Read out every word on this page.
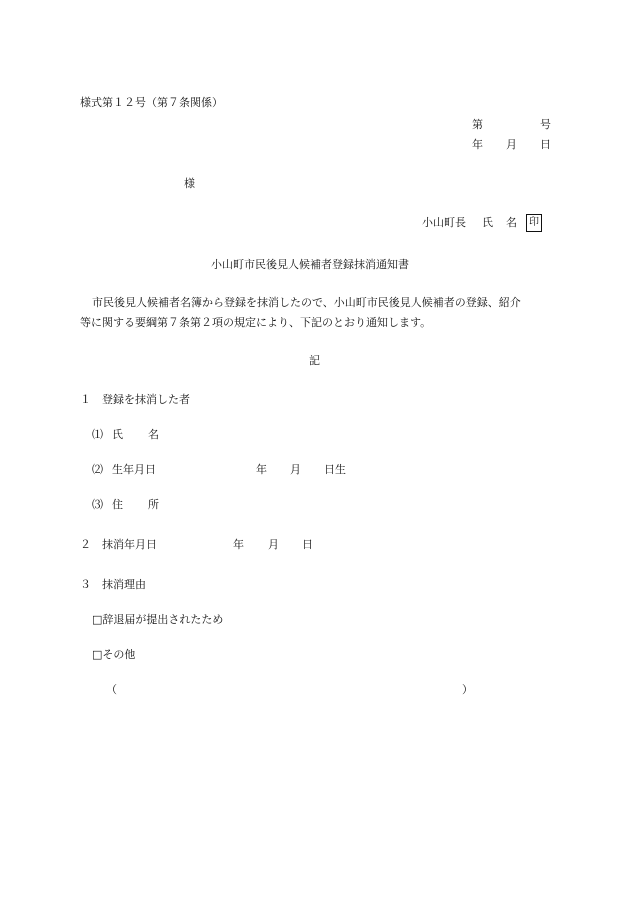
様式第１２号（第７条関係）
第	号
年 月 日
様
小山町長 氏 名	印
小山町市民後見人候補者登録抹消通知書
市民後見人候補者名簿から登録を抹消したので、小山町市民後見人候補者の登録、紹介
等に関する要綱第７条第２項の規定により、下記のとおり通知します。
記
１　登録を抹消した者
⑴ 氏 名
⑵ 生年月日	年 月 日生
⑶ 住 所
２　抹消年月日	年 月 日
３　抹消理由
□辞退届が提出されたため
□その他
（	）
